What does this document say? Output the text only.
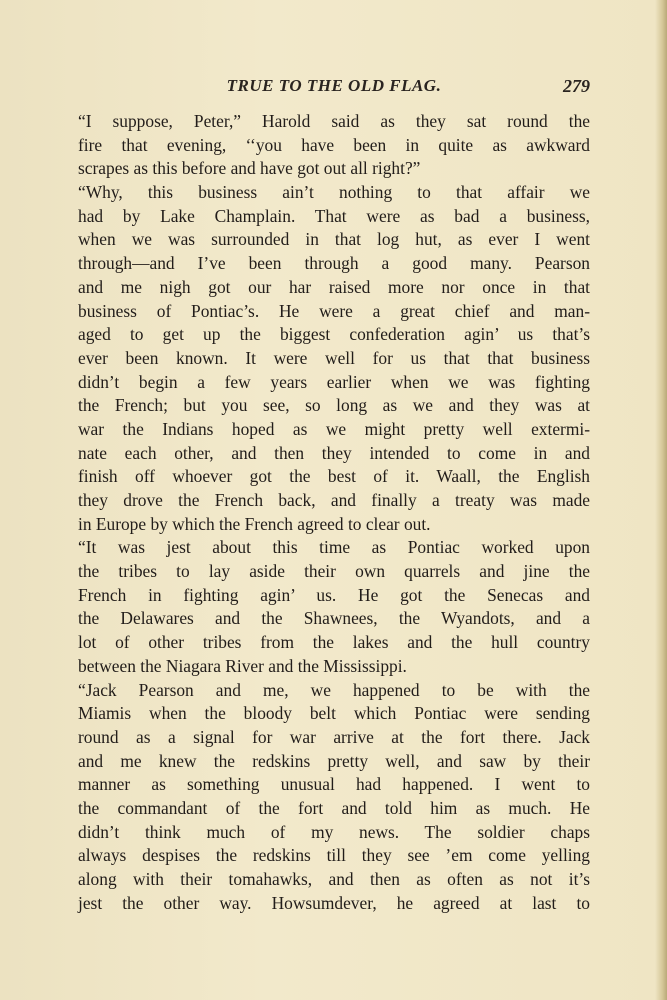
TRUE TO THE OLD FLAG.	279
“I suppose, Peter,” Harold said as they sat round the
fire that evening, ‘‘you have been in quite as awkward
scrapes as this before and have got out all right?”
“Why, this business ain’t nothing to that affair we
had by Lake Champlain. That were as bad a business,
when we was surrounded in that log hut, as ever I went
through—and I’ve been through a good many. Pearson
and me nigh got our har raised more nor once in that
business of Pontiac’s. He were a great chief and man-
aged to get up the biggest confederation agin’ us that’s
ever been known. It were well for us that that business
didn’t begin a few years earlier when we was fighting
the French; but you see, so long as we and they was at
war the Indians hoped as we might pretty well extermi-
nate each other, and then they intended to come in and
finish off whoever got the best of it. Waall, the English
they drove the French back, and finally a treaty was made
in Europe by which the French agreed to clear out.
“It was jest about this time as Pontiac worked upon
the tribes to lay aside their own quarrels and jine the
French in fighting agin’ us. He got the Senecas and
the Delawares and the Shawnees, the Wyandots, and a
lot of other tribes from the lakes and the hull country
between the Niagara River and the Mississippi.
“Jack Pearson and me, we happened to be with the
Miamis when the bloody belt which Pontiac were sending
round as a signal for war arrive at the fort there. Jack
and me knew the redskins pretty well, and saw by their
manner as something unusual had happened. I went to
the commandant of the fort and told him as much. He
didn’t think much of my news. The soldier chaps
always despises the redskins till they see ’em come yelling
along with their tomahawks, and then as often as not it’s
jest the other way. Howsumdever, he agreed at last to
